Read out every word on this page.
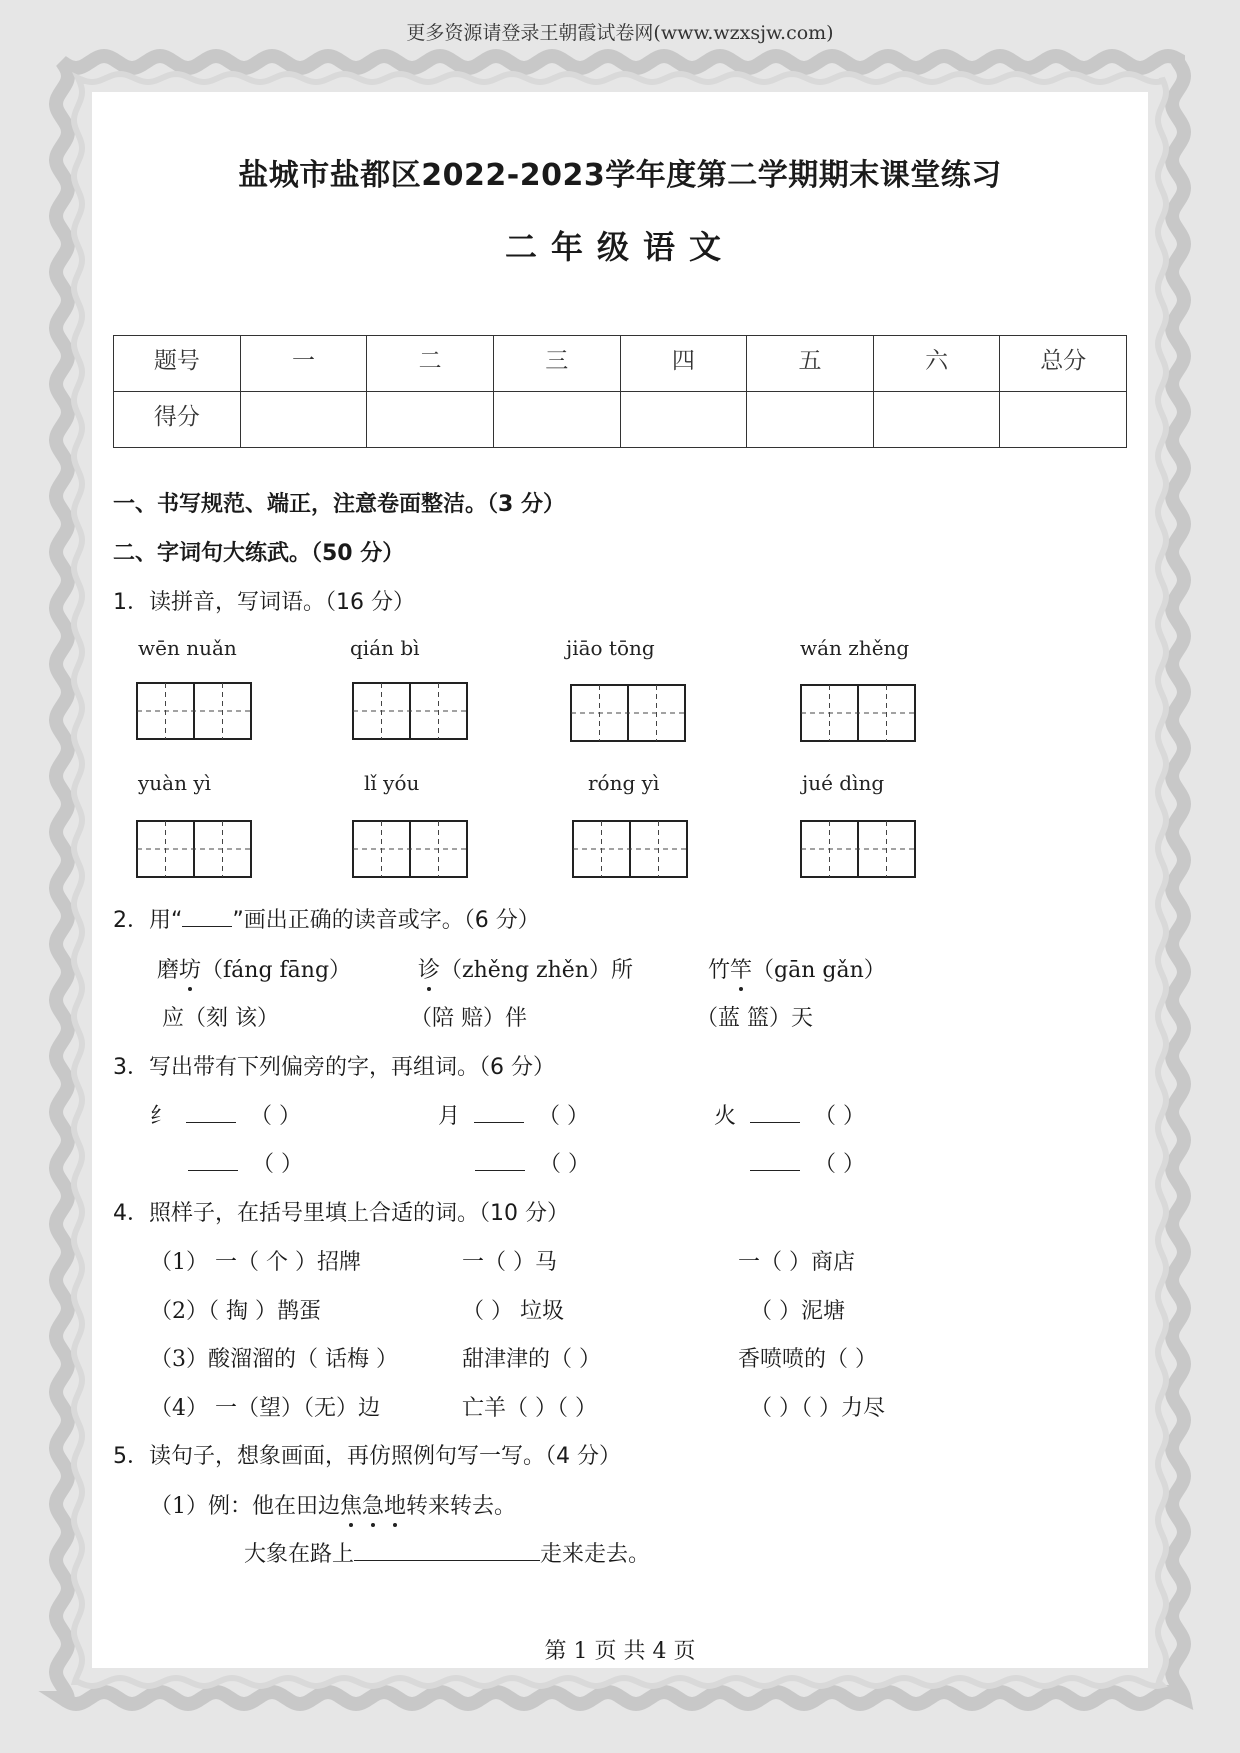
更多资源请登录王朝霞试卷网(www.wzxsjw.com)
盐城市盐都区2022-2023学年度第二学期期末课堂练习
二年级语文
题号	一	二	三	四	五	六	总分
得分							
一、书写规范、端正，注意卷面整洁。（3 分）
二、字词句大练武。（50 分）
1．读拼音，写词语。（16 分）
wēn nuǎn	qián bì	jiāo tōng	wán zhěng
yuàn yì	lǐ yóu	róng yì	jué dìng
2．用“ ”画出正确的读音或字。（6 分）
磨坊（fáng fāng）	诊（zhěng zhěn）所	竹竿（gān gǎn）
应（刻 该）	（陪 赔）伴	（蓝 篮）天
3．写出带有下列偏旁的字，再组词。（6 分）
纟	（ ）	月	（ ）	火	（ ）
（ ）	（ ）	（ ）
4．照样子，在括号里填上合适的词。（10 分）
（1） 一（ 个 ）招牌	一（ ）马	一（ ）商店
（2）（ 掏 ）鹊蛋	（ ） 垃圾	（ ）泥塘
（3）酸溜溜的（ 话梅 ）	甜津津的（ ）	香喷喷的（ ）
（4） 一（望）（无）边	亡羊（ ）（ ）	（ ）（ ）力尽
5．读句子，想象画面，再仿照例句写一写。（4 分）
（1）例：他在田边焦急地转来转去。
大象在路上	走来走去。
第 1 页 共 4 页
